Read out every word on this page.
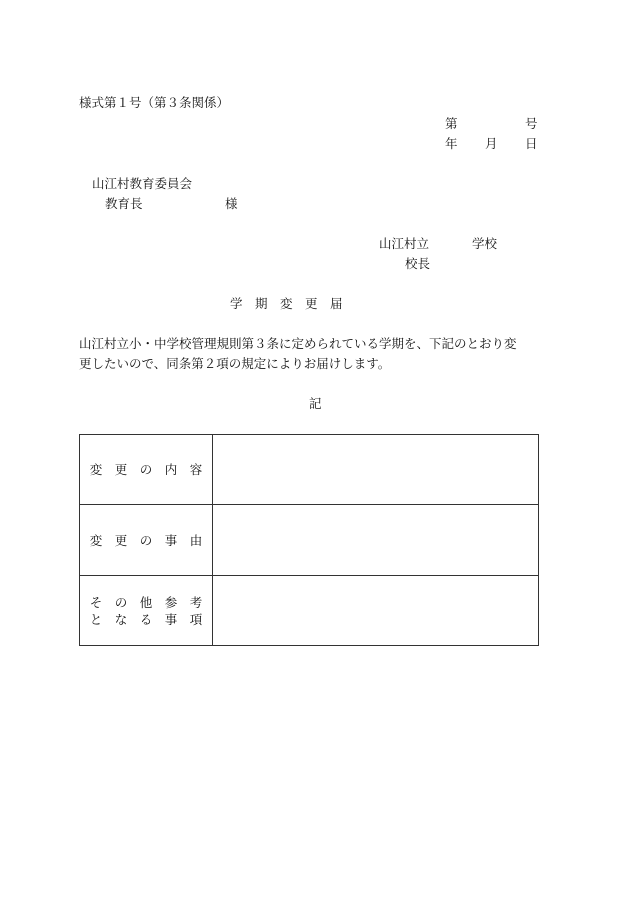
様式第１号（第３条関係）
第	号
年 月 日
山江村教育委員会
教育長	様
山江村立	学校
校長
学　期　変　更　届
山江村立小・中学校管理規則第３条に定められている学期を、下記のとおり変
更したいので、同条第２項の規定によりお届けします。
記
変　更　の　内　容	

変　更　の　事　由	

そ　の　他　参　考
と　な　る　事　項	
